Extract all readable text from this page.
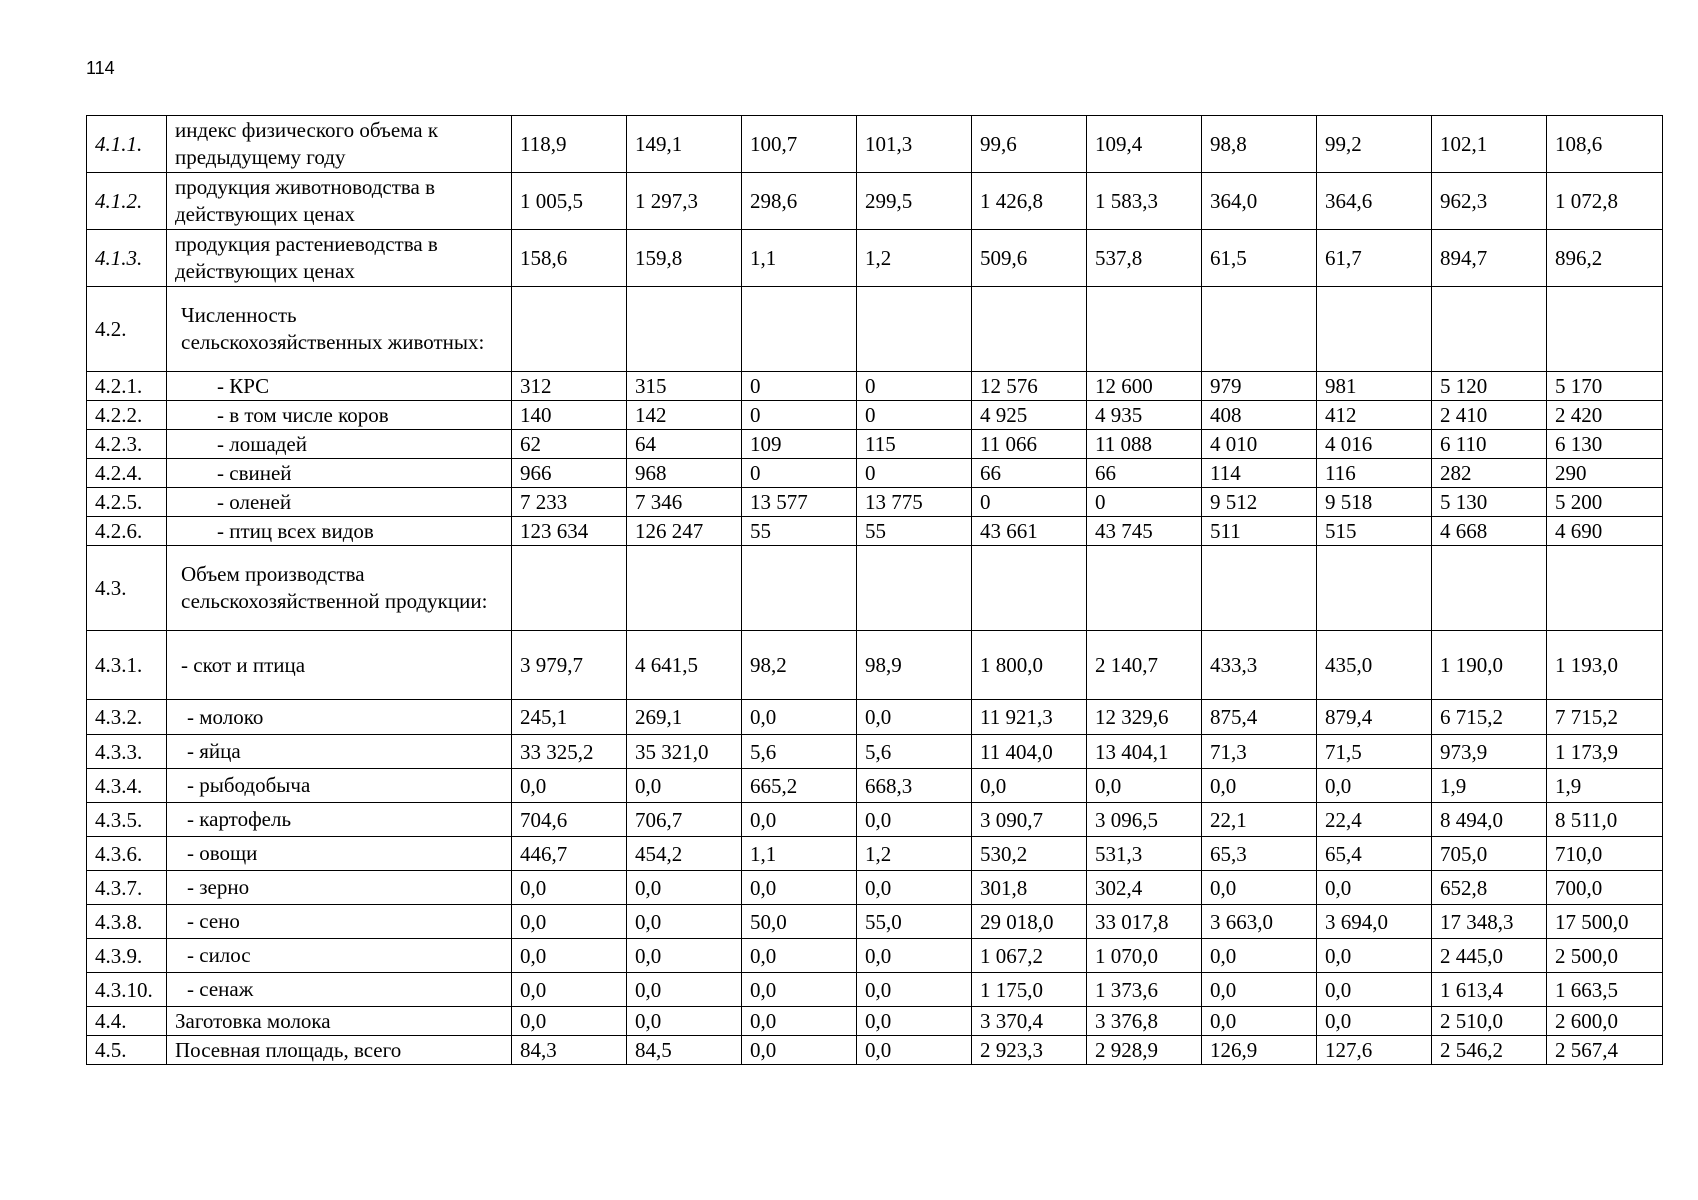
114
4.1.1.	индекс физического объема к предыдущему году	118,9	149,1	100,7	101,3	99,6	109,4	98,8	99,2	102,1	108,6
4.1.2.	продукция животноводства в действующих ценах	1 005,5	1 297,3	298,6	299,5	1 426,8	1 583,3	364,0	364,6	962,3	1 072,8
4.1.3.	продукция растениеводства в действующих ценах	158,6	159,8	1,1	1,2	509,6	537,8	61,5	61,7	894,7	896,2
4.2.	Численность сельскохозяйственных животных:										
4.2.1.	- КРС	312	315	0	0	12 576	12 600	979	981	5 120	5 170
4.2.2.	- в том числе коров	140	142	0	0	4 925	4 935	408	412	2 410	2 420
4.2.3.	- лошадей	62	64	109	115	11 066	11 088	4 010	4 016	6 110	6 130
4.2.4.	- свиней	966	968	0	0	66	66	114	116	282	290
4.2.5.	- оленей	7 233	7 346	13 577	13 775	0	0	9 512	9 518	5 130	5 200
4.2.6.	- птиц всех видов	123 634	126 247	55	55	43 661	43 745	511	515	4 668	4 690
4.3.	Объем производства сельскохозяйственной продукции:										
4.3.1.	- скот и птица	3 979,7	4 641,5	98,2	98,9	1 800,0	2 140,7	433,3	435,0	1 190,0	1 193,0
4.3.2.	- молоко	245,1	269,1	0,0	0,0	11 921,3	12 329,6	875,4	879,4	6 715,2	7 715,2
4.3.3.	- яйца	33 325,2	35 321,0	5,6	5,6	11 404,0	13 404,1	71,3	71,5	973,9	1 173,9
4.3.4.	- рыбодобыча	0,0	0,0	665,2	668,3	0,0	0,0	0,0	0,0	1,9	1,9
4.3.5.	- картофель	704,6	706,7	0,0	0,0	3 090,7	3 096,5	22,1	22,4	8 494,0	8 511,0
4.3.6.	- овощи	446,7	454,2	1,1	1,2	530,2	531,3	65,3	65,4	705,0	710,0
4.3.7.	- зерно	0,0	0,0	0,0	0,0	301,8	302,4	0,0	0,0	652,8	700,0
4.3.8.	- сено	0,0	0,0	50,0	55,0	29 018,0	33 017,8	3 663,0	3 694,0	17 348,3	17 500,0
4.3.9.	- силос	0,0	0,0	0,0	0,0	1 067,2	1 070,0	0,0	0,0	2 445,0	2 500,0
4.3.10.	- сенаж	0,0	0,0	0,0	0,0	1 175,0	1 373,6	0,0	0,0	1 613,4	1 663,5
4.4.	Заготовка молока	0,0	0,0	0,0	0,0	3 370,4	3 376,8	0,0	0,0	2 510,0	2 600,0
4.5.	Посевная площадь, всего	84,3	84,5	0,0	0,0	2 923,3	2 928,9	126,9	127,6	2 546,2	2 567,4
